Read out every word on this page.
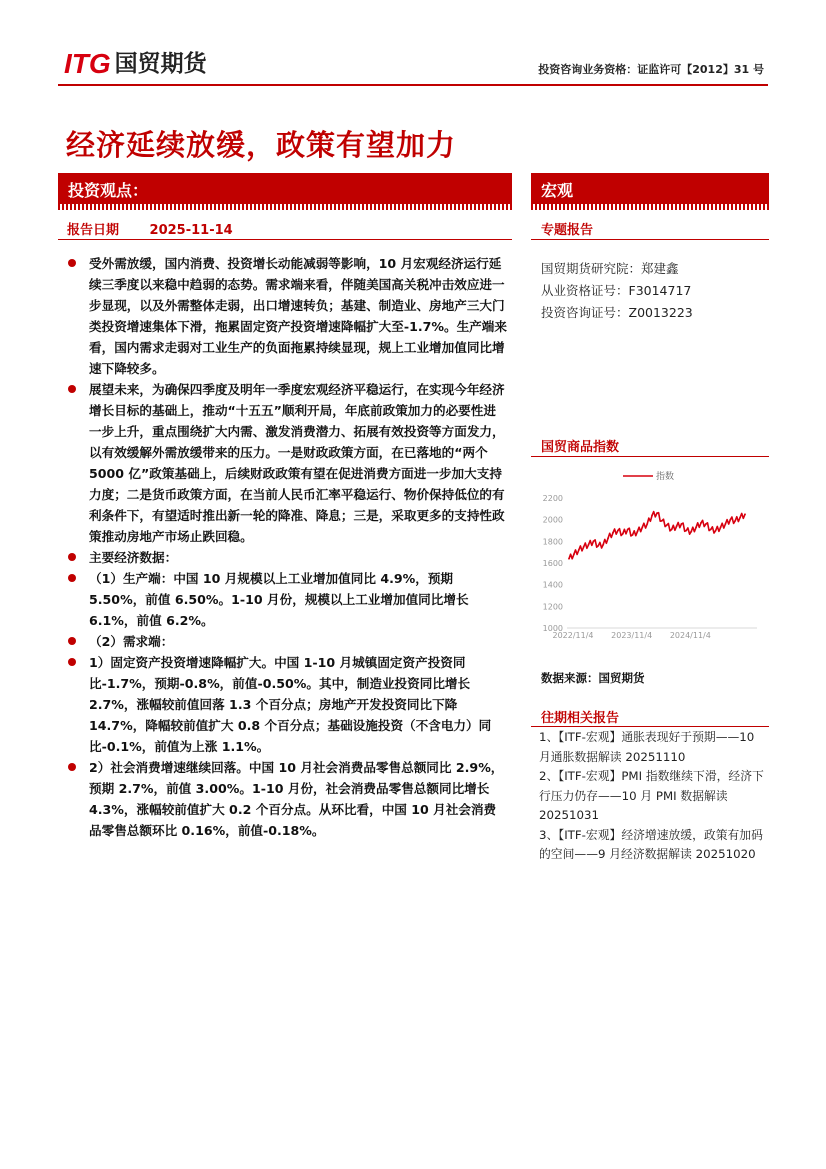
ITG 国贸期货	投资咨询业务资格：证监许可【2012】31 号
经济延续放缓，政策有望加力
投资观点：	宏观
报告日期 2025-11-14	专题报告
国贸期货研究院：郑建鑫
从业资格证号：F3014717
投资咨询证号：Z0013223
国贸商品指数
1000
1200
1400
1600
1800
2000
2200
2022/11/4 2023/11/4 2024/11/4
指数
数据来源：国贸期货
往期相关报告
1、【ITF-宏观】通胀表现好于预期——10 月通胀数据解读 20251110
2、【ITF-宏观】PMI 指数继续下滑，经济下行压力仍存——10 月 PMI 数据解读 20251031
3、【ITF-宏观】经济增速放缓，政策有加码的空间——9 月经济数据解读 20251020
受外需放缓，国内消费、投资增长动能减弱等影响，10 月宏观经济运行延续三季度以来稳中趋弱的态势。需求端来看，伴随美国高关税冲击效应进一步显现，以及外需整体走弱，出口增速转负；基建、制造业、房地产三大门类投资增速集体下滑，拖累固定资产投资增速降幅扩大至-1.7%。生产端来看，国内需求走弱对工业生产的负面拖累持续显现，规上工业增加值同比增速下降较多。
展望未来，为确保四季度及明年一季度宏观经济平稳运行，在实现今年经济增长目标的基础上，推动“十五五”顺利开局，年底前政策加力的必要性进一步上升，重点围绕扩大内需、激发消费潜力、拓展有效投资等方面发力，以有效缓解外需放缓带来的压力。一是财政政策方面，在已落地的“两个 5000 亿”政策基础上，后续财政政策有望在促进消费方面进一步加大支持力度；二是货币政策方面，在当前人民币汇率平稳运行、物价保持低位的有利条件下，有望适时推出新一轮的降准、降息；三是，采取更多的支持性政策推动房地产市场止跌回稳。
主要经济数据：
（1）生产端：中国 10 月规模以上工业增加值同比 4.9%，预期 5.50%，前值 6.50%。1-10 月份，规模以上工业增加值同比增长 6.1%，前值 6.2%。
（2）需求端：
1）固定资产投资增速降幅扩大。中国 1-10 月城镇固定资产投资同比-1.7%，预期-0.8%，前值-0.50%。其中，制造业投资同比增长 2.7%，涨幅较前值回落 1.3 个百分点；房地产开发投资同比下降 14.7%，降幅较前值扩大 0.8 个百分点；基础设施投资（不含电力）同比-0.1%，前值为上涨 1.1%。
2）社会消费增速继续回落。中国 10 月社会消费品零售总额同比 2.9%，预期 2.7%，前值 3.00%。1-10 月份，社会消费品零售总额同比增长 4.3%，涨幅较前值扩大 0.2 个百分点。从环比看，中国 10 月社会消费品零售总额环比 0.16%，前值-0.18%。
